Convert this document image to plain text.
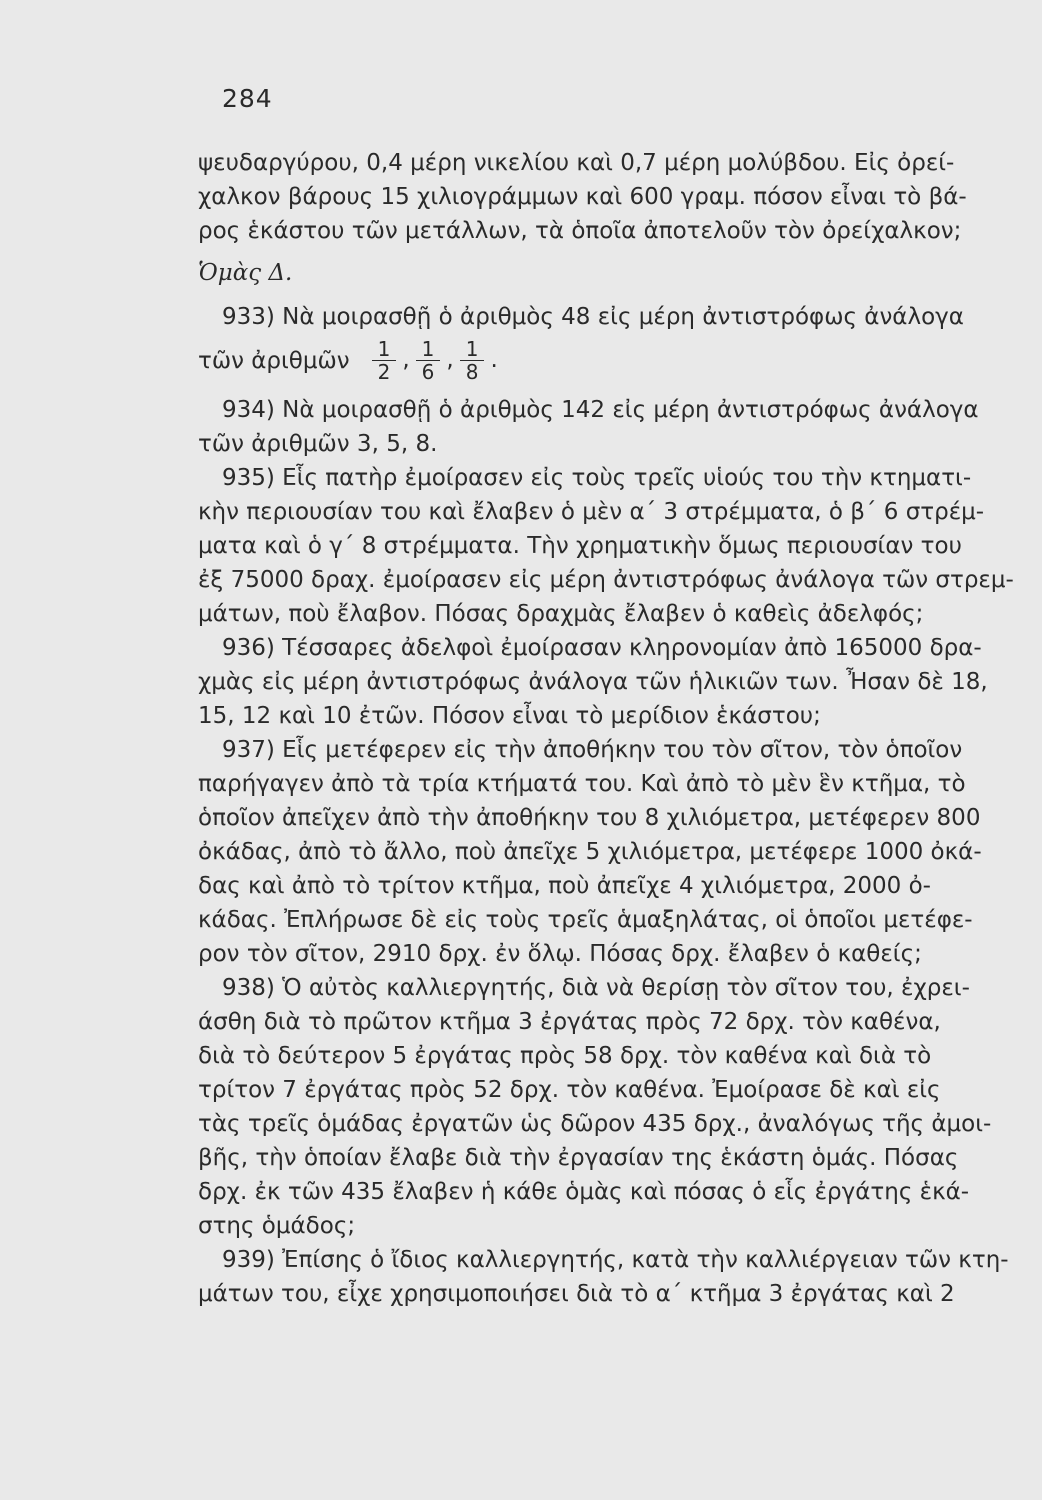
284
ψευδαργύρου, 0,4 μέρη νικελίου καὶ 0,7 μέρη μολύβδου. Εἰς ὀρεί-
χαλκον βάρους 15 χιλιογράμμων καὶ 600 γραμ. πόσον εἶναι τὸ βά-
ρος ἑκάστου τῶν μετάλλων, τὰ ὁποῖα ἀποτελοῦν τὸν ὀρείχαλκον;
Ὁμὰς Δ.
933) Νὰ μοιρασθῇ ὁ ἀριθμὸς 48 εἰς μέρη ἀντιστρόφως ἀνάλογα
τῶν ἀριθμῶν $\frac{1}{2}$ , $\frac{1}{6}$ , $\frac{1}{8}$ .
934) Νὰ μοιρασθῇ ὁ ἀριθμὸς 142 εἰς μέρη ἀντιστρόφως ἀνάλογα
τῶν ἀριθμῶν 3, 5, 8.
935) Εἷς πατὴρ ἐμοίρασεν εἰς τοὺς τρεῖς υἱούς του τὴν κτηματι-
κὴν περιουσίαν του καὶ ἔλαβεν ὁ μὲν α΄ 3 στρέμματα, ὁ β΄ 6 στρέμ-
ματα καὶ ὁ γ΄ 8 στρέμματα. Τὴν χρηματικὴν ὅμως περιουσίαν του
ἐξ 75000 δραχ. ἐμοίρασεν εἰς μέρη ἀντιστρόφως ἀνάλογα τῶν στρεμ-
μάτων, ποὺ ἔλαβον. Πόσας δραχμὰς ἔλαβεν ὁ καθεὶς ἀδελφός;
936) Τέσσαρες ἀδελφοὶ ἐμοίρασαν κληρονομίαν ἀπὸ 165000 δρα-
χμὰς εἰς μέρη ἀντιστρόφως ἀνάλογα τῶν ἡλικιῶν των. Ἦσαν δὲ 18,
15, 12 καὶ 10 ἐτῶν. Πόσον εἶναι τὸ μερίδιον ἑκάστου;
937) Εἷς μετέφερεν εἰς τὴν ἀποθήκην του τὸν σῖτον, τὸν ὁποῖον
παρήγαγεν ἀπὸ τὰ τρία κτήματά του. Καὶ ἀπὸ τὸ μὲν ἓν κτῆμα, τὸ
ὁποῖον ἀπεῖχεν ἀπὸ τὴν ἀποθήκην του 8 χιλιόμετρα, μετέφερεν 800
ὀκάδας, ἀπὸ τὸ ἄλλο, ποὺ ἀπεῖχε 5 χιλιόμετρα, μετέφερε 1000 ὀκά-
δας καὶ ἀπὸ τὸ τρίτον κτῆμα, ποὺ ἀπεῖχε 4 χιλιόμετρα, 2000 ὀ-
κάδας. Ἐπλήρωσε δὲ εἰς τοὺς τρεῖς ἁμαξηλάτας, οἱ ὁποῖοι μετέφε-
ρον τὸν σῖτον, 2910 δρχ. ἐν ὅλῳ. Πόσας δρχ. ἔλαβεν ὁ καθείς;
938) Ὁ αὐτὸς καλλιεργητής, διὰ νὰ θερίσῃ τὸν σῖτον του, ἐχρει-
άσθη διὰ τὸ πρῶτον κτῆμα 3 ἐργάτας πρὸς 72 δρχ. τὸν καθένα,
διὰ τὸ δεύτερον 5 ἐργάτας πρὸς 58 δρχ. τὸν καθένα καὶ διὰ τὸ
τρίτον 7 ἐργάτας πρὸς 52 δρχ. τὸν καθένα. Ἐμοίρασε δὲ καὶ εἰς
τὰς τρεῖς ὁμάδας ἐργατῶν ὡς δῶρον 435 δρχ., ἀναλόγως τῆς ἀμοι-
βῆς, τὴν ὁποίαν ἔλαβε διὰ τὴν ἐργασίαν της ἑκάστη ὁμάς. Πόσας
δρχ. ἐκ τῶν 435 ἔλαβεν ἡ κάθε ὁμὰς καὶ πόσας ὁ εἷς ἐργάτης ἑκά-
στης ὁμάδος;
939) Ἐπίσης ὁ ἴδιος καλλιεργητής, κατὰ τὴν καλλιέργειαν τῶν κτη-
μάτων του, εἶχε χρησιμοποιήσει διὰ τὸ α΄ κτῆμα 3 ἐργάτας καὶ 2
